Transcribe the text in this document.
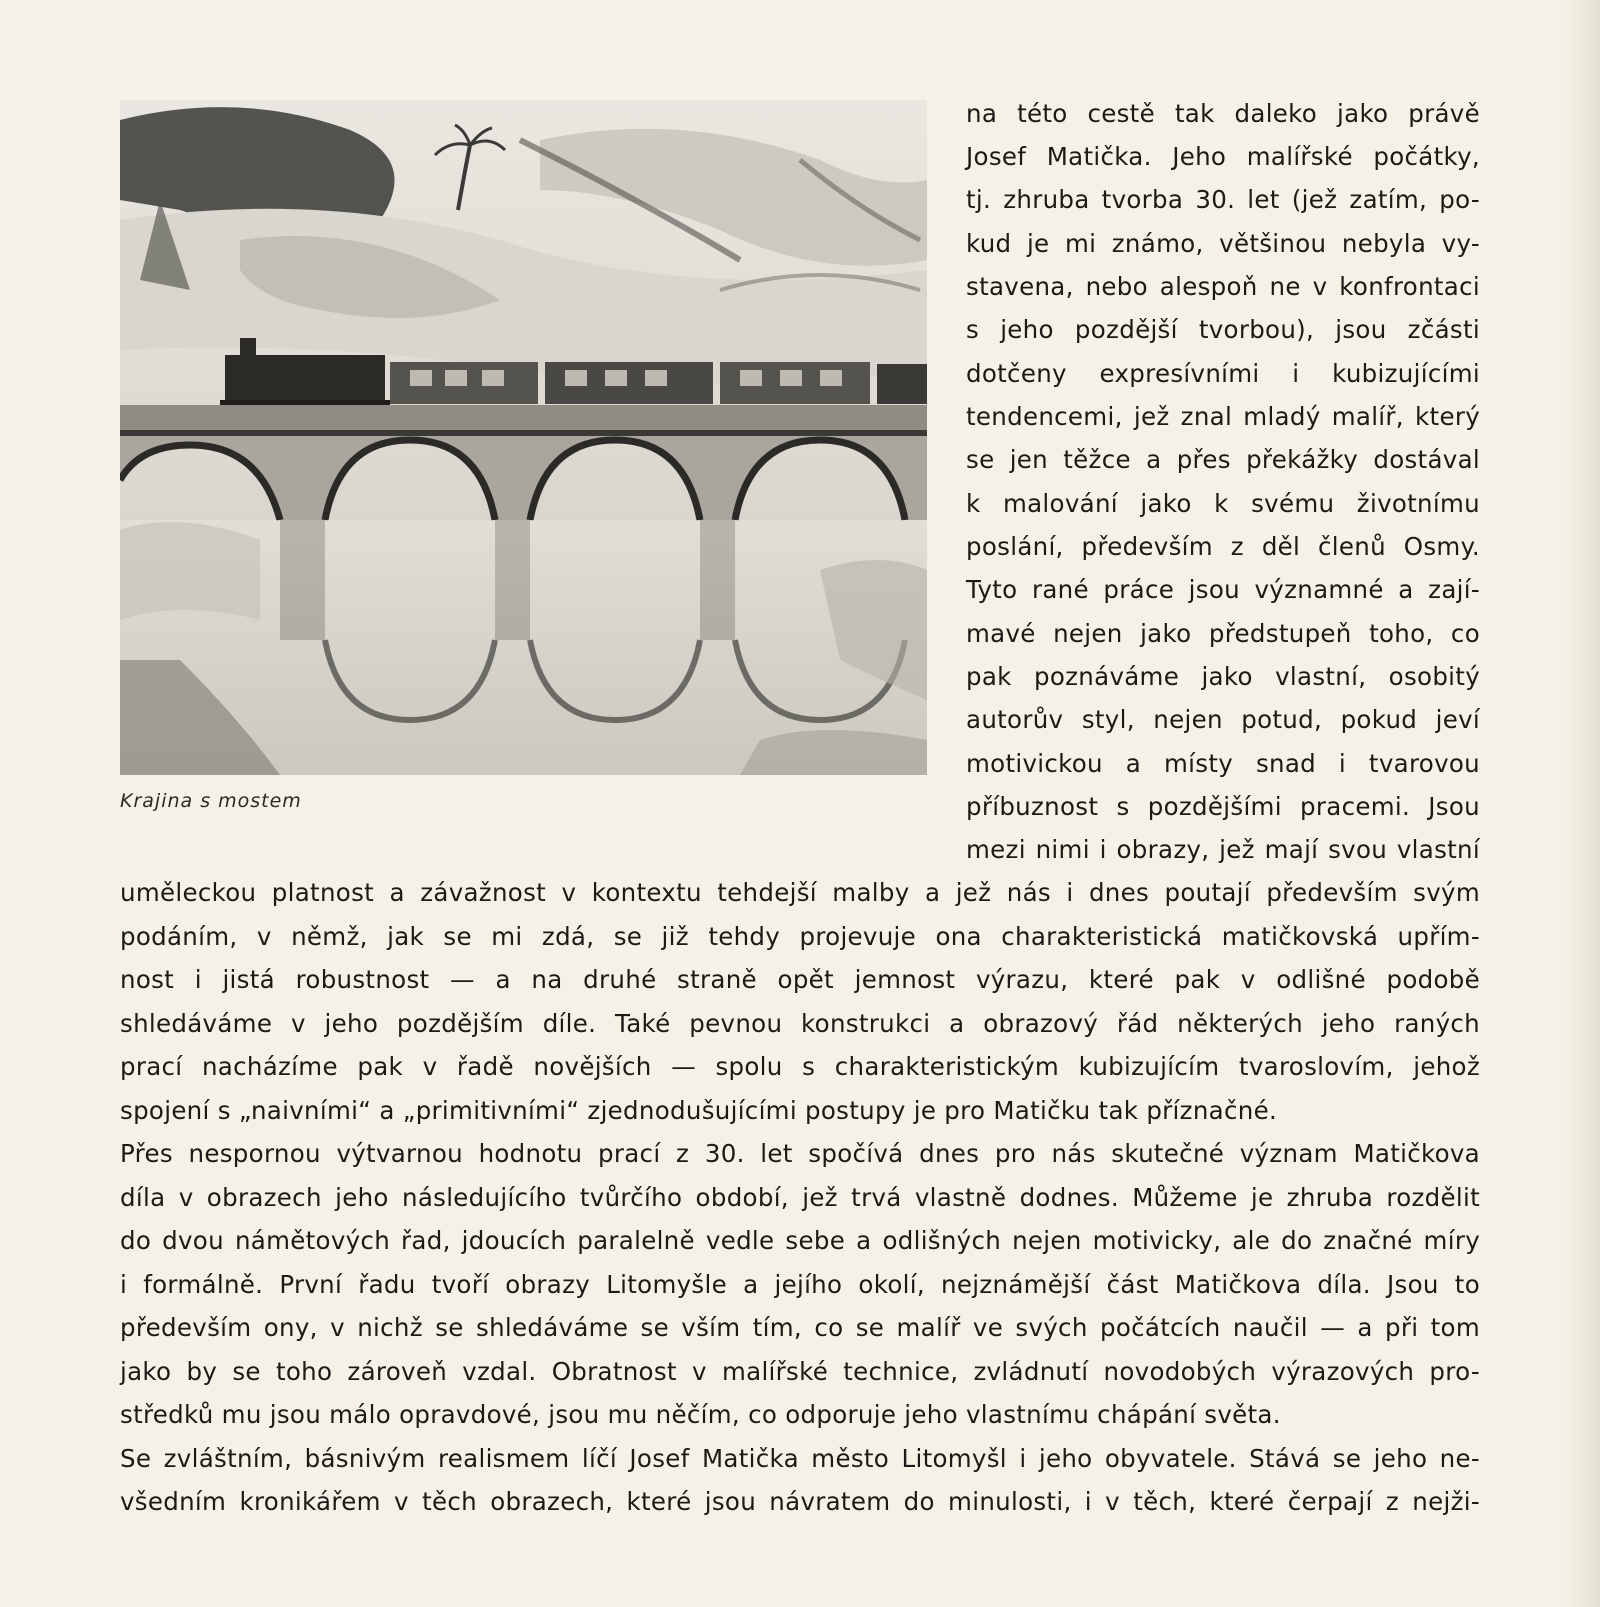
Krajina s mostem
na této cestě tak daleko jako právě
Josef Matička. Jeho malířské počátky,
tj. zhruba tvorba 30. let (jež zatím, po-
kud je mi známo, většinou nebyla vy-
stavena, nebo alespoň ne v konfrontaci
s jeho pozdější tvorbou), jsou zčásti
dotčeny expresívními i kubizujícími
tendencemi, jež znal mladý malíř, který
se jen těžce a přes překážky dostával
k malování jako k svému životnímu
poslání, především z děl členů Osmy.
Tyto rané práce jsou významné a zají-
mavé nejen jako předstupeň toho, co
pak poznáváme jako vlastní, osobitý
autorův styl, nejen potud, pokud jeví
motivickou a místy snad i tvarovou
příbuznost s pozdějšími pracemi. Jsou
mezi nimi i obrazy, jež mají svou vlastní
uměleckou platnost a závažnost v kontextu tehdejší malby a jež nás i dnes poutají především svým
podáním, v němž, jak se mi zdá, se již tehdy projevuje ona charakteristická matičkovská upřím-
nost i jistá robustnost — a na druhé straně opět jemnost výrazu, které pak v odlišné podobě
shledáváme v jeho pozdějším díle. Také pevnou konstrukci a obrazový řád některých jeho raných
prací nacházíme pak v řadě novějších — spolu s charakteristickým kubizujícím tvaroslovím, jehož
spojení s „naivními“ a „primitivními“ zjednodušujícími postupy je pro Matičku tak příznačné.
Přes nespornou výtvarnou hodnotu prací z 30. let spočívá dnes pro nás skutečné význam Matičkova
díla v obrazech jeho následujícího tvůrčího období, jež trvá vlastně dodnes. Můžeme je zhruba rozdělit
do dvou námětových řad, jdoucích paralelně vedle sebe a odlišných nejen motivicky, ale do značné míry
i formálně. První řadu tvoří obrazy Litomyšle a jejího okolí, nejznámější část Matičkova díla. Jsou to
především ony, v nichž se shledáváme se vším tím, co se malíř ve svých počátcích naučil — a při tom
jako by se toho zároveň vzdal. Obratnost v malířské technice, zvládnutí novodobých výrazových pro-
středků mu jsou málo opravdové, jsou mu něčím, co odporuje jeho vlastnímu chápání světa.
Se zvláštním, básnivým realismem líčí Josef Matička město Litomyšl i jeho obyvatele. Stává se jeho ne-
všedním kronikářem v těch obrazech, které jsou návratem do minulosti, i v těch, které čerpají z nejži-
